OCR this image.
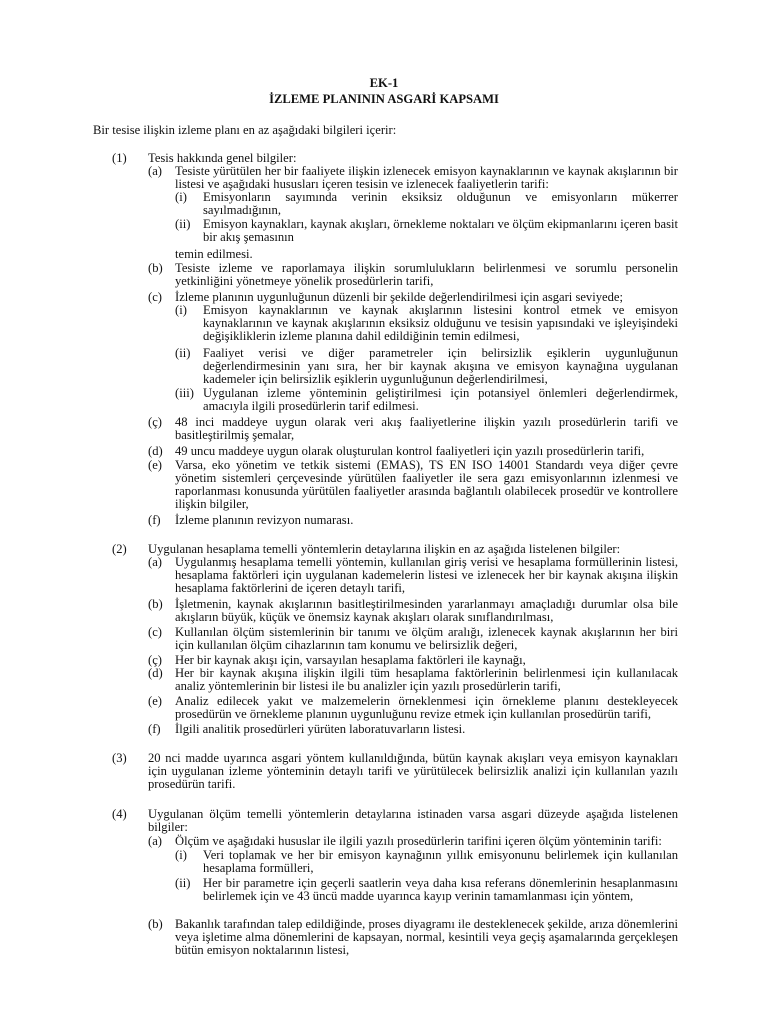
EK-1
İZLEME PLANININ ASGARİ KAPSAMI
Bir tesise ilişkin izleme planı en az aşağıdaki bilgileri içerir:
(1) Tesis hakkında genel bilgiler:
(a) Tesiste yürütülen her bir faaliyete ilişkin izlenecek emisyon kaynaklarının ve kaynak akışlarının bir listesi ve aşağıdaki hususları içeren tesisin ve izlenecek faaliyetlerin tarifi:
(i) Emisyonların sayımında verinin eksiksiz olduğunun ve emisyonların mükerrer sayılmadığının,
(ii) Emisyon kaynakları, kaynak akışları, örnekleme noktaları ve ölçüm ekipmanlarını içeren basit bir akış şemasının
temin edilmesi.
(b) Tesiste izleme ve raporlamaya ilişkin sorumlulukların belirlenmesi ve sorumlu personelin yetkinliğini yönetmeye yönelik prosedürlerin tarifi,
(c) İzleme planının uygunluğunun düzenli bir şekilde değerlendirilmesi için asgari seviyede;
(i) Emisyon kaynaklarının ve kaynak akışlarının listesini kontrol etmek ve emisyon kaynaklarının ve kaynak akışlarının eksiksiz olduğunu ve tesisin yapısındaki ve işleyişindeki değişikliklerin izleme planına dahil edildiğinin temin edilmesi,
(ii) Faaliyet verisi ve diğer parametreler için belirsizlik eşiklerin uygunluğunun değerlendirmesinin yanı sıra, her bir kaynak akışına ve emisyon kaynağına uygulanan kademeler için belirsizlik eşiklerin uygunluğunun değerlendirilmesi,
(iii) Uygulanan izleme yönteminin geliştirilmesi için potansiyel önlemleri değerlendirmek, amacıyla ilgili prosedürlerin tarif edilmesi.
(ç) 48 inci maddeye uygun olarak veri akış faaliyetlerine ilişkin yazılı prosedürlerin tarifi ve basitleştirilmiş şemalar,
(d) 49 uncu maddeye uygun olarak oluşturulan kontrol faaliyetleri için yazılı prosedürlerin tarifi,
(e) Varsa, eko yönetim ve tetkik sistemi (EMAS), TS EN ISO 14001 Standardı veya diğer çevre yönetim sistemleri çerçevesinde yürütülen faaliyetler ile sera gazı emisyonlarının izlenmesi ve raporlanması konusunda yürütülen faaliyetler arasında bağlantılı olabilecek prosedür ve kontrollere ilişkin bilgiler,
(f) İzleme planının revizyon numarası.
(2) Uygulanan hesaplama temelli yöntemlerin detaylarına ilişkin en az aşağıda listelenen bilgiler:
(a) Uygulanmış hesaplama temelli yöntemin, kullanılan giriş verisi ve hesaplama formüllerinin listesi, hesaplama faktörleri için uygulanan kademelerin listesi ve izlenecek her bir kaynak akışına ilişkin hesaplama faktörlerini de içeren detaylı tarifi,
(b) İşletmenin, kaynak akışlarının basitleştirilmesinden yararlanmayı amaçladığı durumlar olsa bile akışların büyük, küçük ve önemsiz kaynak akışları olarak sınıflandırılması,
(c) Kullanılan ölçüm sistemlerinin bir tanımı ve ölçüm aralığı, izlenecek kaynak akışlarının her biri için kullanılan ölçüm cihazlarının tam konumu ve belirsizlik değeri,
(ç) Her bir kaynak akışı için, varsayılan hesaplama faktörleri ile kaynağı,
(d) Her bir kaynak akışına ilişkin ilgili tüm hesaplama faktörlerinin belirlenmesi için kullanılacak analiz yöntemlerinin bir listesi ile bu analizler için yazılı prosedürlerin tarifi,
(e) Analiz edilecek yakıt ve malzemelerin örneklenmesi için örnekleme planını destekleyecek prosedürün ve örnekleme planının uygunluğunu revize etmek için kullanılan prosedürün tarifi,
(f) İlgili analitik prosedürleri yürüten laboratuvarların listesi.
(3) 20 nci madde uyarınca asgari yöntem kullanıldığında, bütün kaynak akışları veya emisyon kaynakları için uygulanan izleme yönteminin detaylı tarifi ve yürütülecek belirsizlik analizi için kullanılan yazılı prosedürün tarifi.
(4) Uygulanan ölçüm temelli yöntemlerin detaylarına istinaden varsa asgari düzeyde aşağıda listelenen bilgiler:
(a) Ölçüm ve aşağıdaki hususlar ile ilgili yazılı prosedürlerin tarifini içeren ölçüm yönteminin tarifi:
(i) Veri toplamak ve her bir emisyon kaynağının yıllık emisyonunu belirlemek için kullanılan hesaplama formülleri,
(ii) Her bir parametre için geçerli saatlerin veya daha kısa referans dönemlerinin hesaplanmasını belirlemek için ve 43 üncü madde uyarınca kayıp verinin tamamlanması için yöntem,
(b) Bakanlık tarafından talep edildiğinde, proses diyagramı ile desteklenecek şekilde, arıza dönemlerini veya işletime alma dönemlerini de kapsayan, normal, kesintili veya geçiş aşamalarında gerçekleşen bütün emisyon noktalarının listesi,
